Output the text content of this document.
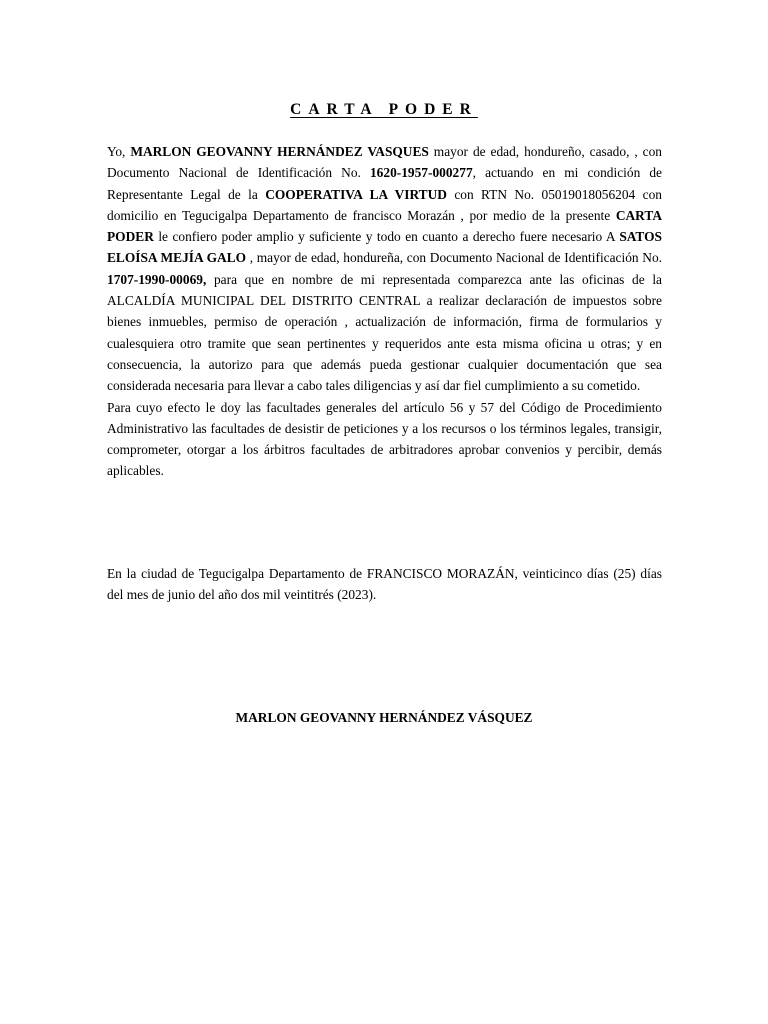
CARTA PODER

Yo, MARLON GEOVANNY HERNÁNDEZ VASQUES mayor de edad, hondureño, casado, , con Documento Nacional de Identificación No. 1620-1957-000277, actuando en mi condición de Representante Legal de la COOPERATIVA LA VIRTUD con RTN No. 05019018056204 con domicilio en Tegucigalpa Departamento de francisco Morazán , por medio de la presente CARTA PODER le confiero poder amplio y suficiente y todo en cuanto a derecho fuere necesario A SATOS ELOÍSA MEJÍA GALO , mayor de edad, hondureña, con Documento Nacional de Identificación No. 1707-1990-00069, para que en nombre de mi representada comparezca ante las oficinas de la ALCALDÍA MUNICIPAL DEL DISTRITO CENTRAL a realizar declaración de impuestos sobre bienes inmuebles, permiso de operación , actualización de información, firma de formularios y cualesquiera otro tramite que sean pertinentes y requeridos ante esta misma oficina u otras; y en consecuencia, la autorizo para que además pueda gestionar cualquier documentación que sea considerada necesaria para llevar a cabo tales diligencias y así dar fiel cumplimiento a su cometido.

Para cuyo efecto le doy las facultades generales del artículo 56 y 57 del Código de Procedimiento Administrativo las facultades de desistir de peticiones y a los recursos o los términos legales, transigir, comprometer, otorgar a los árbitros facultades de arbitradores aprobar convenios y percibir, demás aplicables.

En la ciudad de Tegucigalpa Departamento de FRANCISCO MORAZÁN, veinticinco días (25) días del mes de junio del año dos mil veintitrés (2023).

MARLON GEOVANNY HERNÁNDEZ VÁSQUEZ
